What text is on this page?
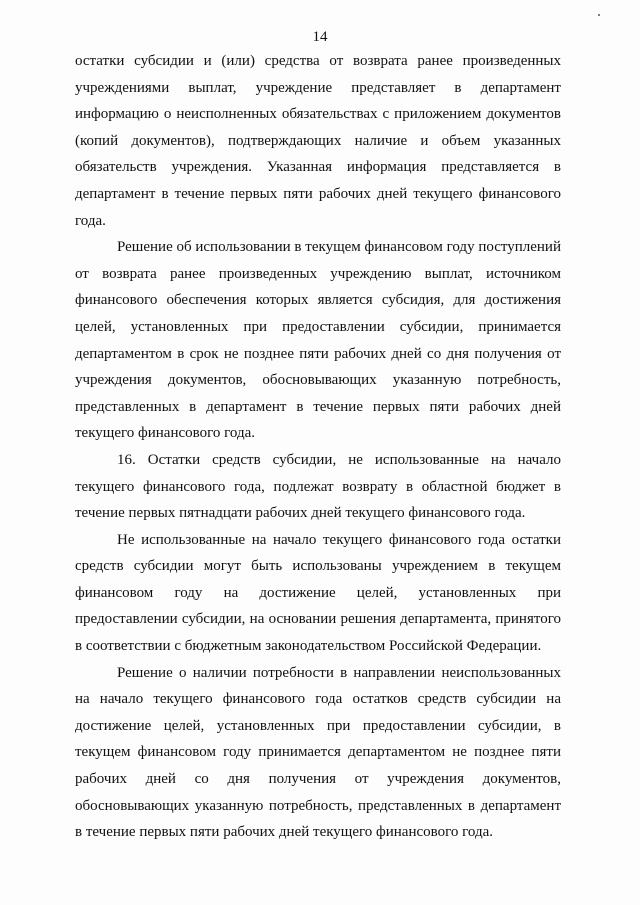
14

остатки субсидии и (или) средства от возврата ранее произведенных учреждениями выплат, учреждение представляет в департамент информацию о неисполненных обязательствах с приложением документов (копий документов), подтверждающих наличие и объем указанных обязательств учреждения. Указанная информация представляется в департамент в течение первых пяти рабочих дней текущего финансового года.

Решение об использовании в текущем финансовом году поступлений от возврата ранее произведенных учреждению выплат, источником финансового обеспечения которых является субсидия, для достижения целей, установленных при предоставлении субсидии, принимается департаментом в срок не позднее пяти рабочих дней со дня получения от учреждения документов, обосновывающих указанную потребность, представленных в департамент в течение первых пяти рабочих дней текущего финансового года.

16. Остатки средств субсидии, не использованные на начало текущего финансового года, подлежат возврату в областной бюджет в течение первых пятнадцати рабочих дней текущего финансового года.

Не использованные на начало текущего финансового года остатки средств субсидии могут быть использованы учреждением в текущем финансовом году на достижение целей, установленных при предоставлении субсидии, на основании решения департамента, принятого в соответствии с бюджетным законодательством Российской Федерации.

Решение о наличии потребности в направлении неиспользованных на начало текущего финансового года остатков средств субсидии на достижение целей, установленных при предоставлении субсидии, в текущем финансовом году принимается департаментом не позднее пяти рабочих дней со дня получения от учреждения документов, обосновывающих указанную потребность, представленных в департамент в течение первых пяти рабочих дней текущего финансового года.
